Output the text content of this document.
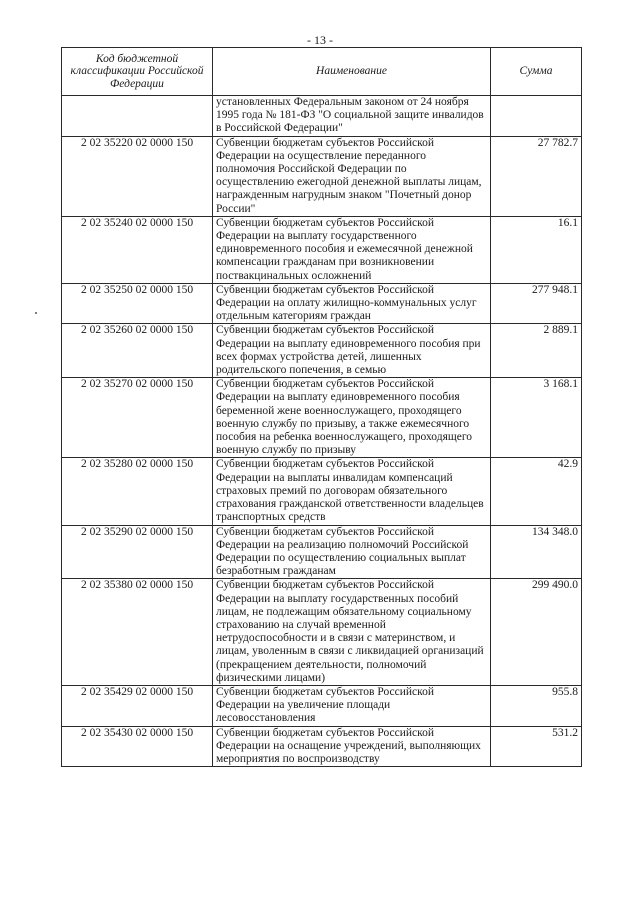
- 13 -
Код бюджетной классификации Российской Федерации	Наименование	Сумма
	установленных Федеральным законом от 24 ноября 1995 года № 181-ФЗ "О социальной защите инвалидов в Российской Федерации"	
2 02 35220 02 0000 150	Субвенции бюджетам субъектов Российской Федерации на осуществление переданного полномочия Российской Федерации по осуществлению ежегодной денежной выплаты лицам, награжденным нагрудным знаком "Почетный донор России"	27 782.7
2 02 35240 02 0000 150	Субвенции бюджетам субъектов Российской Федерации на выплату государственного единовременного пособия и ежемесячной денежной компенсации гражданам при возникновении поствакцинальных осложнений	16.1
2 02 35250 02 0000 150	Субвенции бюджетам субъектов Российской Федерации на оплату жилищно-коммунальных услуг отдельным категориям граждан	277 948.1
2 02 35260 02 0000 150	Субвенции бюджетам субъектов Российской Федерации на выплату единовременного пособия при всех формах устройства детей, лишенных родительского попечения, в семью	2 889.1
2 02 35270 02 0000 150	Субвенции бюджетам субъектов Российской Федерации на выплату единовременного пособия беременной жене военнослужащего, проходящего военную службу по призыву, а также ежемесячного пособия на ребенка военнослужащего, проходящего военную службу по призыву	3 168.1
2 02 35280 02 0000 150	Субвенции бюджетам субъектов Российской Федерации на выплаты инвалидам компенсаций страховых премий по договорам обязательного страхования гражданской ответственности владельцев транспортных средств	42.9
2 02 35290 02 0000 150	Субвенции бюджетам субъектов Российской Федерации на реализацию полномочий Российской Федерации по осуществлению социальных выплат безработным гражданам	134 348.0
2 02 35380 02 0000 150	Субвенции бюджетам субъектов Российской Федерации на выплату государственных пособий лицам, не подлежащим обязательному социальному страхованию на случай временной нетрудоспособности и в связи с материнством, и лицам, уволенным в связи с ликвидацией организаций (прекращением деятельности, полномочий физическими лицами)	299 490.0
2 02 35429 02 0000 150	Субвенции бюджетам субъектов Российской Федерации на увеличение площади лесовосстановления	955.8
2 02 35430 02 0000 150	Субвенции бюджетам субъектов Российской Федерации на оснащение учреждений, выполняющих мероприятия по воспроизводству	531.2
